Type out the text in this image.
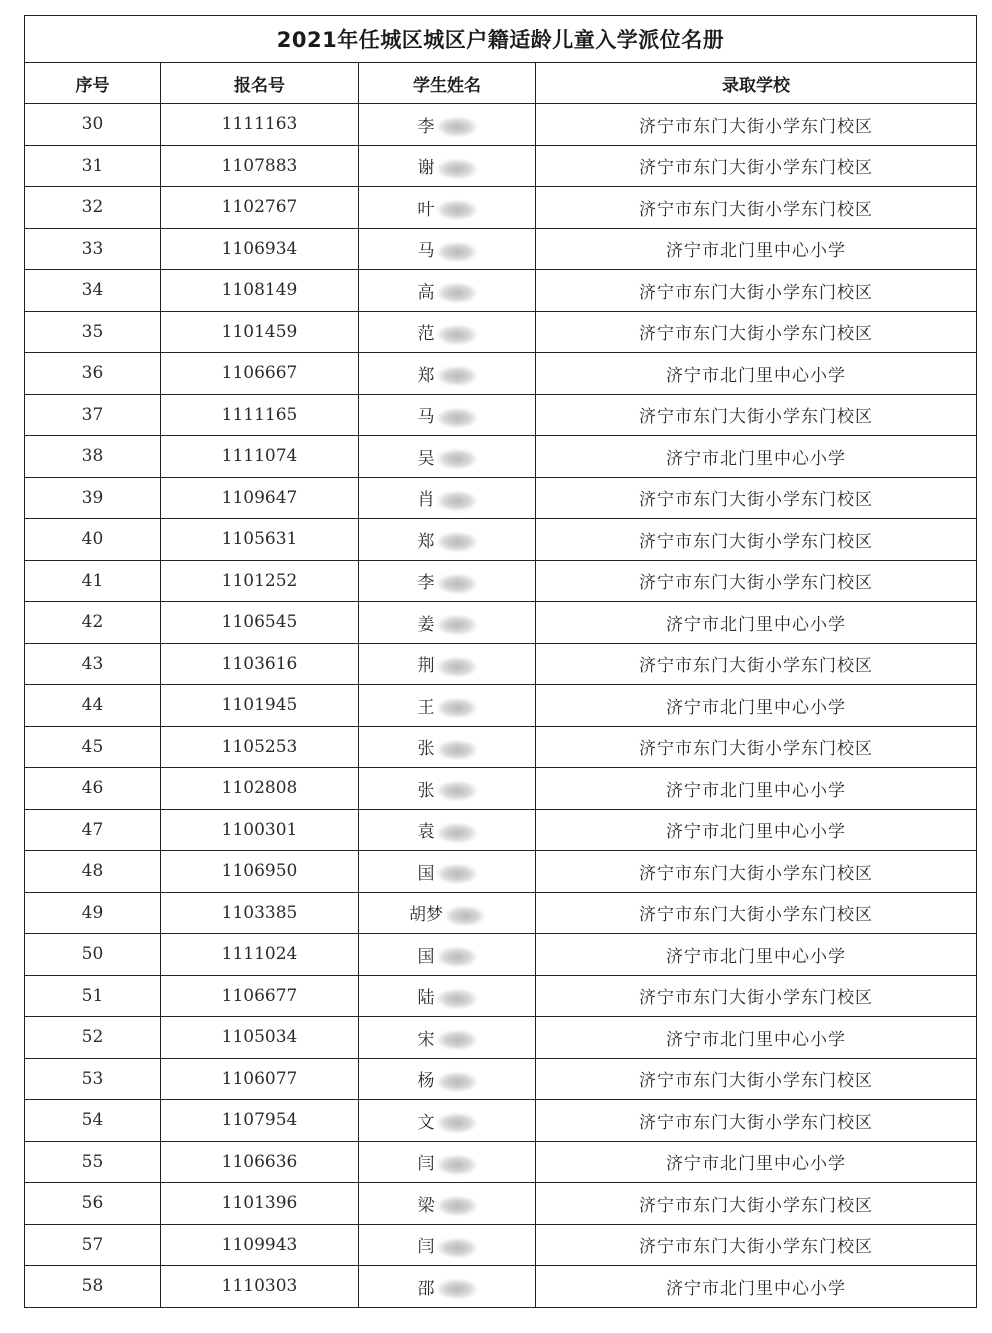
2021年任城区城区户籍适龄儿童入学派位名册			
序号	报名号	学生姓名	录取学校
30	1111163	李	济宁市东门大街小学东门校区
31	1107883	谢	济宁市东门大街小学东门校区
32	1102767	叶	济宁市东门大街小学东门校区
33	1106934	马	济宁市北门里中心小学
34	1108149	高	济宁市东门大街小学东门校区
35	1101459	范	济宁市东门大街小学东门校区
36	1106667	郑	济宁市北门里中心小学
37	1111165	马	济宁市东门大街小学东门校区
38	1111074	吴	济宁市北门里中心小学
39	1109647	肖	济宁市东门大街小学东门校区
40	1105631	郑	济宁市东门大街小学东门校区
41	1101252	李	济宁市东门大街小学东门校区
42	1106545	姜	济宁市北门里中心小学
43	1103616	荆	济宁市东门大街小学东门校区
44	1101945	王	济宁市北门里中心小学
45	1105253	张	济宁市东门大街小学东门校区
46	1102808	张	济宁市北门里中心小学
47	1100301	袁	济宁市北门里中心小学
48	1106950	国	济宁市东门大街小学东门校区
49	1103385	胡梦	济宁市东门大街小学东门校区
50	1111024	国	济宁市北门里中心小学
51	1106677	陆	济宁市东门大街小学东门校区
52	1105034	宋	济宁市北门里中心小学
53	1106077	杨	济宁市东门大街小学东门校区
54	1107954	文	济宁市东门大街小学东门校区
55	1106636	闫	济宁市北门里中心小学
56	1101396	梁	济宁市东门大街小学东门校区
57	1109943	闫	济宁市东门大街小学东门校区
58	1110303	邵	济宁市北门里中心小学
